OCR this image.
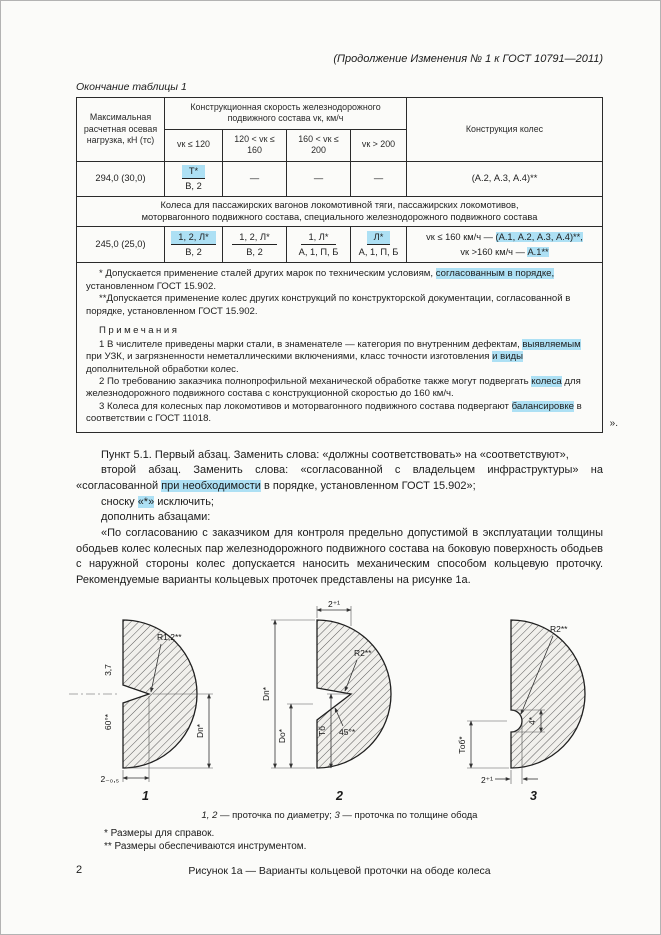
(Продолжение Изменения № 1 к ГОСТ 10791—2011)
Окончание таблицы 1
Максимальная расчетная осевая нагрузка, кН (тс)	Конструкционная скорость железнодорожного подвижного состава vк, км/ч				Конструкция колес
	vк ≤ 120	120 < vк ≤ 160	160 < vк ≤ 200	vк > 200	
294,0 (30,0)	$\frac{Т*}{В, 2}$	—	—	—	(А.2, А.3, А.4)**

Колеса для пассажирских вагонов локомотивной тяги, пассажирских локомотивов,
моторвагонного подвижного состава, специального железнодорожного подвижного состава					

245,0 (25,0)	$\frac{1, 2, Л*}{В, 2}$	$\frac{1, 2, Л*}{В, 2}$	$\frac{1, Л*}{А, 1, П, Б}$	$\frac{Л*}{А, 1, П, Б}$	vк ≤ 160 км/ч — (А.1, А.2, А.3, А.4)**,
vк >160 км/ч — А.1**

* Допускается применение сталей других марок по техническим условиям, согласованным в порядке, установленном ГОСТ 15.902.

**Допускается применение колес других конструкций по конструкторской документации, согласованной в порядке, установленном ГОСТ 15.902.

Примечания

1 В числителе приведены марки стали, в знаменателе — категория по внутренним дефектам, выявляемым при УЗК, и загрязненности неметаллическими включениями, класс точности изготовления и виды дополнительной обработки колес.

2 По требованию заказчика полнопрофильной механической обработке также могут подвергать колеса для железнодорожного подвижного состава с конструкционной скоростью до 160 км/ч.

3 Колеса для колесных пар локомотивов и моторвагонного подвижного состава подвергают балансировке в соответствии с ГОСТ 11018.	».

Пункт 5.1. Первый абзац. Заменить слова: «должны соответствовать» на «соответствуют»,

второй абзац. Заменить слова: «согласованной с владельцем инфраструктуры» на «согласованной при необходимости в порядке, установленном ГОСТ 15.902»;

сноску «*» исключить;

дополнить абзацами:

«По согласованию с заказчиком для контроля предельно допустимой в эксплуатации толщины ободьев колес колесных пар железнодорожного подвижного состава на боковую поверхность ободьев с наружной стороны колес допускается наносить механическим способом кольцевую проточку. Рекомендуемые варианты кольцевых проточек представлены на рисунке 1а.

R1,2**
3,7
60°*
2₋₀,₅
Dп*
1
2⁺¹
R2**
Тб
Dп*
Dо*	45°*
2
R2**
4*
2⁺¹
Тоб*
3
1, 2 — проточка по диаметру; 3 — проточка по толщине обода
* Размеры для справок.
** Размеры обеспечиваются инструментом.
Рисунок 1а — Варианты кольцевой проточки на ободе колеса
2
